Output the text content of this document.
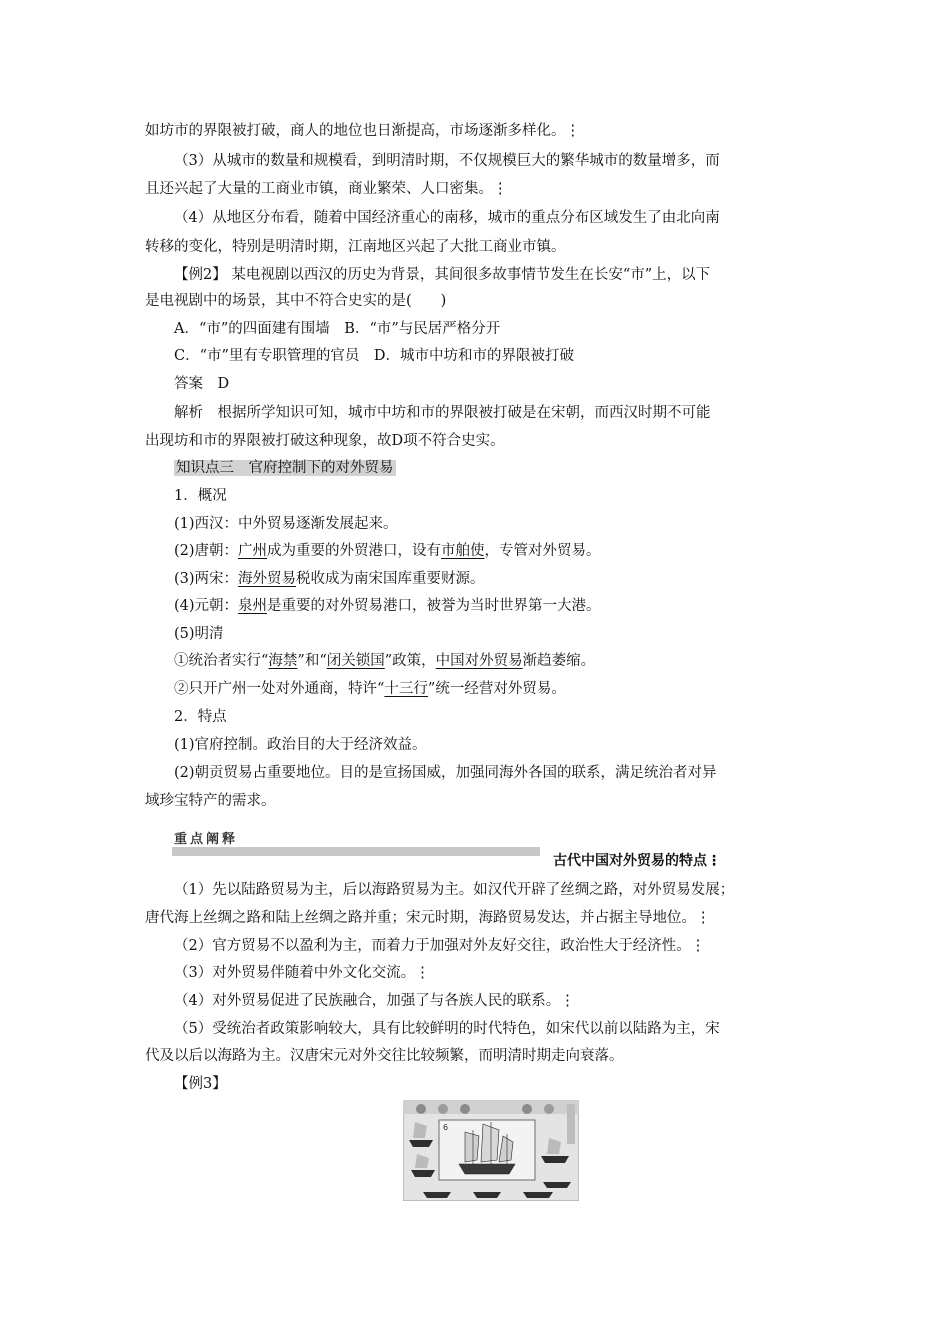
如坊市的界限被打破，商人的地位也日渐提高，市场逐渐多样化。⋮
（3）从城市的数量和规模看，到明清时期，不仅规模巨大的繁华城市的数量增多，而
且还兴起了大量的工商业市镇，商业繁荣、人口密集。⋮
（4）从地区分布看，随着中国经济重心的南移，城市的重点分布区域发生了由北向南
转移的变化，特别是明清时期，江南地区兴起了大批工商业市镇。
【例2】 某电视剧以西汉的历史为背景，其间很多故事情节发生在长安“市”上，以下
是电视剧中的场景，其中不符合史实的是(　　)
A．“市”的四面建有围墙　B．“市”与民居严格分开
C．“市”里有专职管理的官员　D．城市中坊和市的界限被打破
答案　D
解析　根据所学知识可知，城市中坊和市的界限被打破是在宋朝，而西汉时期不可能
出现坊和市的界限被打破这种现象，故D项不符合史实。
知识点三　官府控制下的对外贸易
1．概况
(1)西汉：中外贸易逐渐发展起来。
(2)唐朝：广州成为重要的外贸港口，设有市舶使，专管对外贸易。
(3)两宋：海外贸易税收成为南宋国库重要财源。
(4)元朝：泉州是重要的对外贸易港口，被誉为当时世界第一大港。
(5)明清
①统治者实行“海禁”和“闭关锁国”政策，中国对外贸易渐趋萎缩。
②只开广州一处对外通商，特许“十三行”统一经营对外贸易。
2．特点
(1)官府控制。政治目的大于经济效益。
(2)朝贡贸易占重要地位。目的是宣扬国威，加强同海外各国的联系，满足统治者对异
域珍宝特产的需求。
重点阐释
古代中国对外贸易的特点⋮
（1）先以陆路贸易为主，后以海路贸易为主。如汉代开辟了丝绸之路，对外贸易发展；
唐代海上丝绸之路和陆上丝绸之路并重；宋元时期，海路贸易发达，并占据主导地位。⋮
（2）官方贸易不以盈利为主，而着力于加强对外友好交往，政治性大于经济性。⋮
（3）对外贸易伴随着中外文化交流。⋮
（4）对外贸易促进了民族融合，加强了与各族人民的联系。⋮
（5）受统治者政策影响较大，具有比较鲜明的时代特色，如宋代以前以陆路为主，宋
代及以后以海路为主。汉唐宋元对外交往比较频繁，而明清时期走向衰落。
【例3】
6
